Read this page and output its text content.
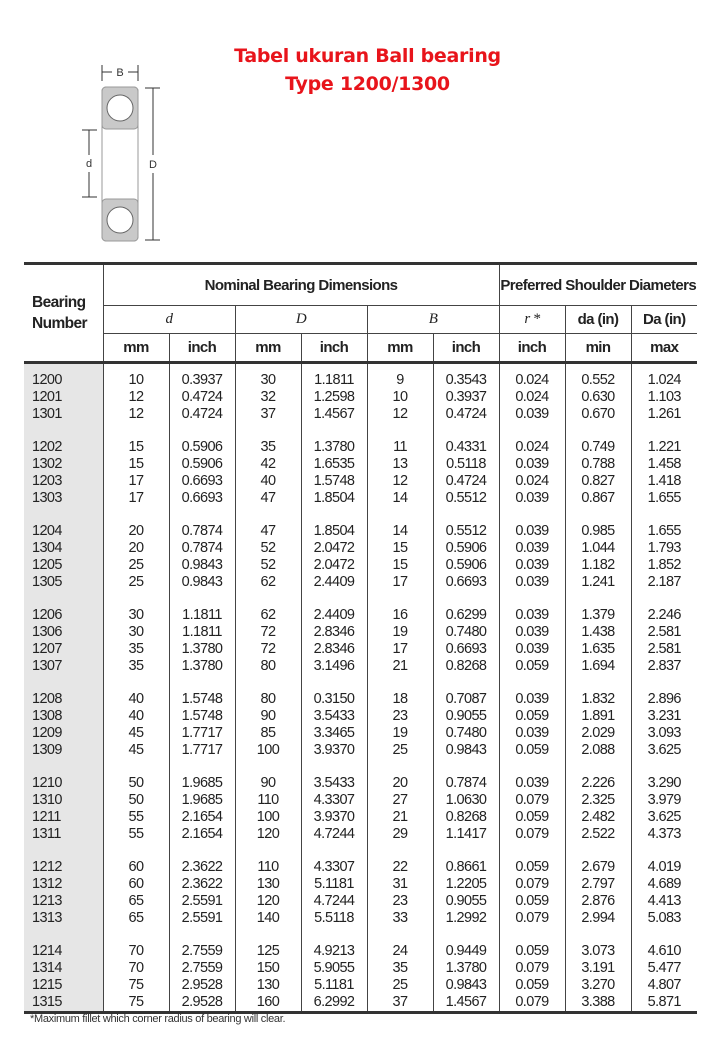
Tabel ukuran Ball bearing
Type 1200/1300
B
D
d
Bearing Number	Nominal Bearing Dimensions						Preferred Shoulder Diameters		
	d		D		B		r *	da (in)	Da (in)
	mm	inch	mm	inch	mm	inch	inch	min	max

1200	10	0.3937	30	1.1811	9	0.3543	0.024	0.552	1.024
1201	12	0.4724	32	1.2598	10	0.3937	0.024	0.630	1.103
1301	12	0.4724	37	1.4567	12	0.4724	0.039	0.670	1.261

1202	15	0.5906	35	1.3780	11	0.4331	0.024	0.749	1.221
1302	15	0.5906	42	1.6535	13	0.5118	0.039	0.788	1.458
1203	17	0.6693	40	1.5748	12	0.4724	0.024	0.827	1.418
1303	17	0.6693	47	1.8504	14	0.5512	0.039	0.867	1.655

1204	20	0.7874	47	1.8504	14	0.5512	0.039	0.985	1.655
1304	20	0.7874	52	2.0472	15	0.5906	0.039	1.044	1.793
1205	25	0.9843	52	2.0472	15	0.5906	0.039	1.182	1.852
1305	25	0.9843	62	2.4409	17	0.6693	0.039	1.241	2.187

1206	30	1.1811	62	2.4409	16	0.6299	0.039	1.379	2.246
1306	30	1.1811	72	2.8346	19	0.7480	0.039	1.438	2.581
1207	35	1.3780	72	2.8346	17	0.6693	0.039	1.635	2.581
1307	35	1.3780	80	3.1496	21	0.8268	0.059	1.694	2.837

1208	40	1.5748	80	0.3150	18	0.7087	0.039	1.832	2.896
1308	40	1.5748	90	3.5433	23	0.9055	0.059	1.891	3.231
1209	45	1.7717	85	3.3465	19	0.7480	0.039	2.029	3.093
1309	45	1.7717	100	3.9370	25	0.9843	0.059	2.088	3.625

1210	50	1.9685	90	3.5433	20	0.7874	0.039	2.226	3.290
1310	50	1.9685	110	4.3307	27	1.0630	0.079	2.325	3.979
1211	55	2.1654	100	3.9370	21	0.8268	0.059	2.482	3.625
1311	55	2.1654	120	4.7244	29	1.1417	0.079	2.522	4.373

1212	60	2.3622	110	4.3307	22	0.8661	0.059	2.679	4.019
1312	60	2.3622	130	5.1181	31	1.2205	0.079	2.797	4.689
1213	65	2.5591	120	4.7244	23	0.9055	0.059	2.876	4.413
1313	65	2.5591	140	5.5118	33	1.2992	0.079	2.994	5.083

1214	70	2.7559	125	4.9213	24	0.9449	0.059	3.073	4.610
1314	70	2.7559	150	5.9055	35	1.3780	0.079	3.191	5.477
1215	75	2.9528	130	5.1181	25	0.9843	0.059	3.270	4.807
1315	75	2.9528	160	6.2992	37	1.4567	0.079	3.388	5.871
*Maximum fillet which corner radius of bearing will clear.
